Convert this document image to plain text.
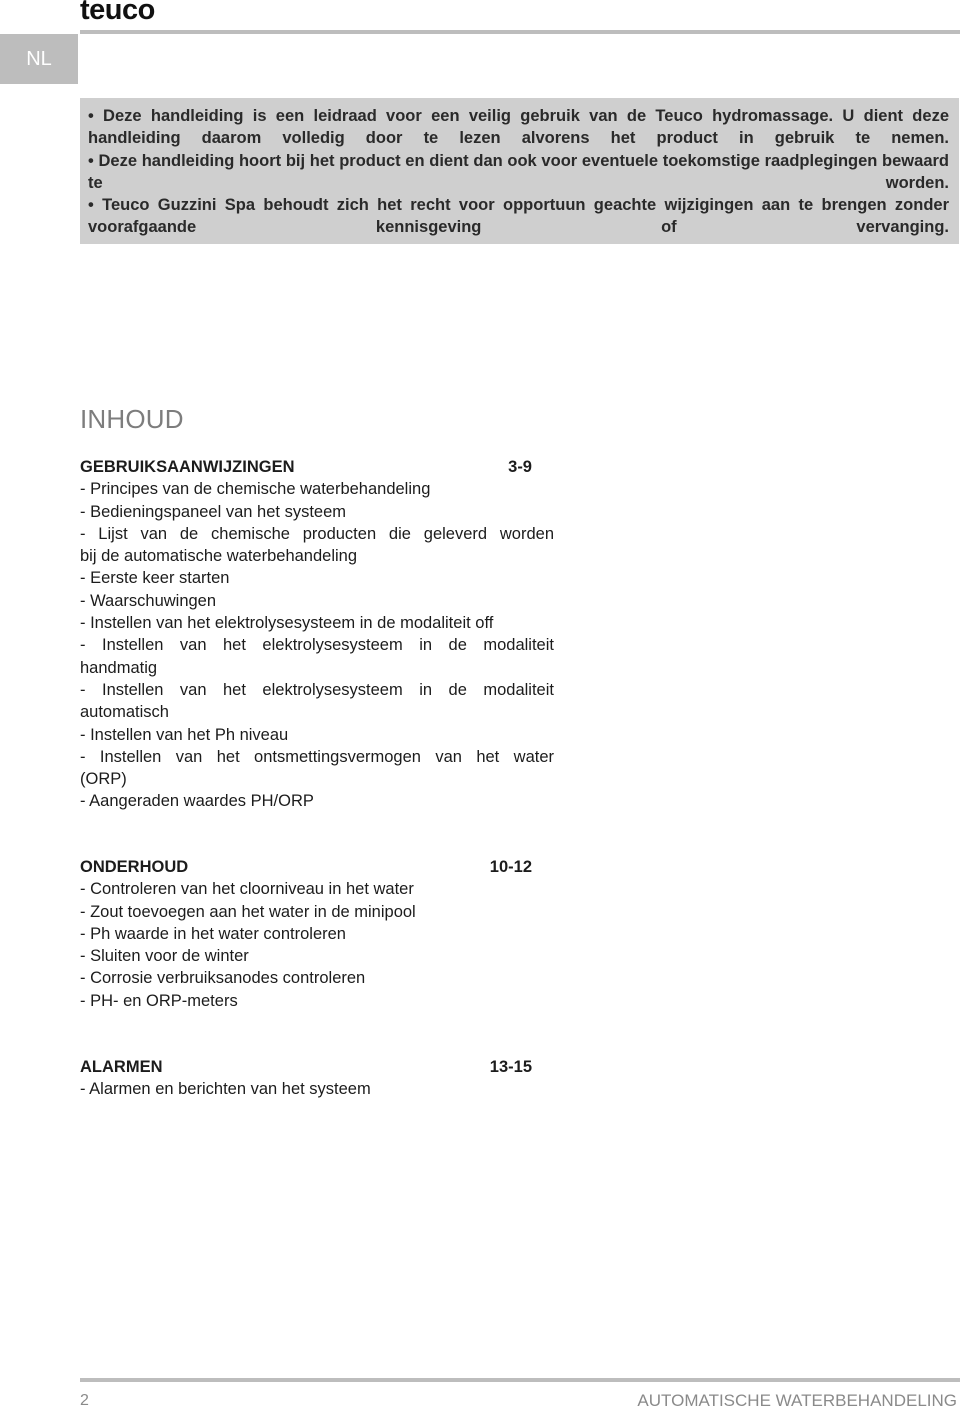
teuco
NL

• Deze handleiding is een leidraad voor een veilig gebruik van de Teuco hydromassage. U dient deze handleiding daarom volledig door te lezen alvorens het product in gebruik te nemen.

• Deze handleiding hoort bij het product en dient dan ook voor eventuele toekomstige raadplegingen bewaard te worden.

• Teuco Guzzini Spa behoudt zich het recht voor opportuun geachte wijzigingen aan te brengen zonder voorafgaande kennisgeving of vervanging.

INHOUD
GEBRUIKSAANWIJZINGEN	3-9
- Principes van de chemische waterbehandeling
- Bedieningspaneel van het systeem
- Lijst van de chemische producten die geleverd worden
bij de automatische waterbehandeling
- Eerste keer starten
- Waarschuwingen
- Instellen van het elektrolysesysteem in de modaliteit off
- Instellen van het elektrolysesysteem in de modaliteit
handmatig
- Instellen van het elektrolysesysteem in de modaliteit
automatisch
- Instellen van het Ph niveau
- Instellen van het ontsmettingsvermogen van het water
(ORP)
- Aangeraden waardes PH/ORP
ONDERHOUD	10-12
- Controleren van het cloorniveau in het water
- Zout toevoegen aan het water in de minipool
- Ph waarde in het water controleren
- Sluiten voor de winter
- Corrosie verbruiksanodes controleren
- PH- en ORP-meters
ALARMEN	13-15
- Alarmen en berichten van het systeem
2	AUTOMATISCHE WATERBEHANDELING
